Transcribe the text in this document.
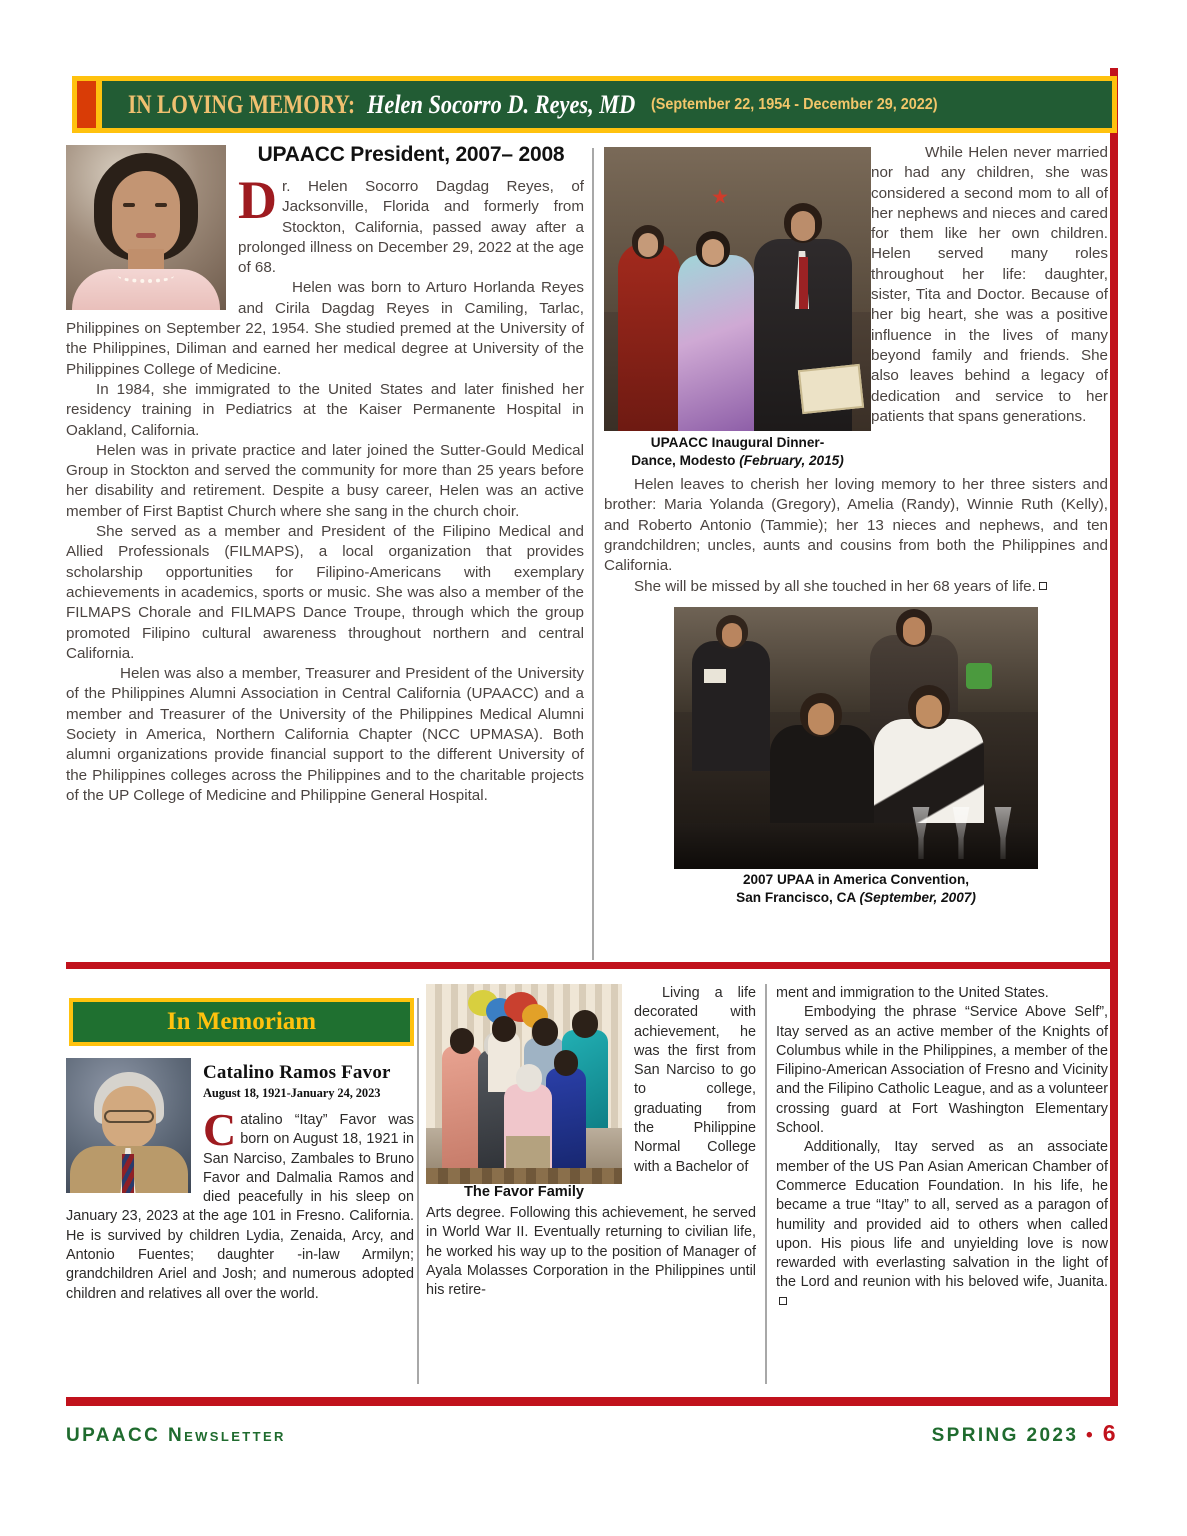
IN LOVING MEMORY: Helen Socorro D. Reyes, MD (September 22, 1954 - December 29, 2022)
UPAACC President, 2007– 2008

Dr. Helen Socorro Dagdag Reyes, of Jacksonville, Florida and formerly from Stockton, California, passed away after a prolonged illness on December 29, 2022 at the age of 68.

Helen was born to Arturo Horlanda Reyes and Cirila Dagdag Reyes in Camiling, Tarlac, Philippines on September 22, 1954. She studied premed at the University of the Philippines, Diliman and earned her medical degree at University of the Philippines College of Medicine.

In 1984, she immigrated to the United States and later finished her residency training in Pediatrics at the Kaiser Permanente Hospital in Oakland, California.

Helen was in private practice and later joined the Sutter-Gould Medical Group in Stockton and served the community for more than 25 years before her disability and retirement. Despite a busy career, Helen was an active member of First Baptist Church where she sang in the church choir.

She served as a member and President of the Filipino Medical and Allied Professionals (FILMAPS), a local organization that provides scholarship opportunities for Filipino-Americans with exemplary achievements in academics, sports or music. She was also a member of the FILMAPS Chorale and FILMAPS Dance Troupe, through which the group promoted Filipino cultural awareness throughout northern and central California.

Helen was also a member, Treasurer and President of the University of the Philippines Alumni Association in Central California (UPAACC) and a member and Treasurer of the University of the Philippines Medical Alumni Society in America, Northern California Chapter (NCC UPMASA). Both alumni organizations provide financial support to the different University of the Philippines colleges across the Philippines and to the charitable projects of the UP College of Medicine and Philippine General Hospital.

UPAACC Inaugural Dinner-
Dance, Modesto (February, 2015)

While Helen never married nor had any children, she was considered a second mom to all of her nephews and nieces and cared for them like her own children. Helen served many roles throughout her life: daughter, sister, Tita and Doctor. Because of her big heart, she was a positive influence in the lives of many beyond family and friends. She also leaves behind a legacy of dedication and service to her patients that spans generations.

Helen leaves to cherish her loving memory to her three sisters and brother: Maria Yolanda (Gregory), Amelia (Randy), Winnie Ruth (Kelly), and Roberto Antonio (Tammie); her 13 nieces and nephews, and ten grandchildren; uncles, aunts and cousins from both the Philippines and California.

She will be missed by all she touched in her 68 years of life.

2007 UPAA in America Convention,
San Francisco, CA (September, 2007)
In Memoriam
Catalino Ramos Favor
August 18, 1921-January 24, 2023

Catalino “Itay” Favor was born on August 18, 1921 in San Narciso, Zambales to Bruno Favor and Dalmalia Ramos and died peacefully in his sleep on January 23, 2023 at the age 101 in Fresno. California. He is survived by children Lydia, Zenaida, Arcy, and Antonio Fuentes; daughter -in-law Armilyn; grandchildren Ariel and Josh; and numerous adopted children and relatives all over the world.

Living a life decorated with achievement, he was the first from San Narciso to go to college, graduating from the Philippine Normal College with a Bachelor of

The Favor Family

Arts degree. Following this achievement, he served in World War II. Eventually returning to civilian life, he worked his way up to the position of Manager of Ayala Molasses Corporation in the Philippines until his retire-

ment and immigration to the United States.

Embodying the phrase “Service Above Self”, Itay served as an active member of the Knights of Columbus while in the Philippines, a member of the Filipino-American Association of Fresno and Vicinity and the Filipino Catholic League, and as a volunteer crossing guard at Fort Washington Elementary School.

Additionally, Itay served as an associate member of the US Pan Asian American Chamber of Commerce Education Foundation. In his life, he became a true “Itay” to all, served as a paragon of humility and provided aid to others when called upon. His pious life and unyielding love is now rewarded with everlasting salvation in the light of the Lord and reunion with his beloved wife, Juanita.

UPAACC Newsletter	SPRING 2023 • 6
